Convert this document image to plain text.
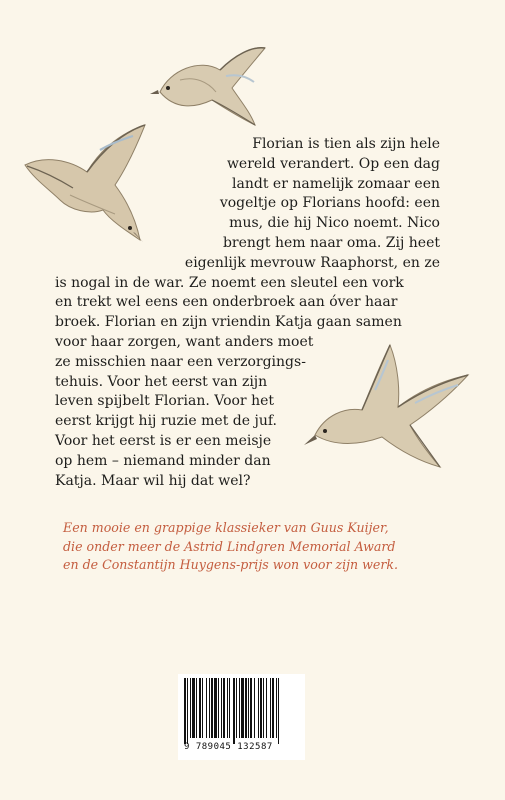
Florian is tien als zijn hele
wereld verandert. Op een dag
landt er namelijk zomaar een
vogeltje op Florians hoofd: een
mus, die hij Nico noemt. Nico
brengt hem naar oma. Zij heet
eigenlijk mevrouw Raaphorst, en ze
is nogal in de war. Ze noemt een sleutel een vork
en trekt wel eens een onderbroek aan óver haar
broek. Florian en zijn vriendin Katja gaan samen
voor haar zorgen, want anders moet
ze misschien naar een verzorgings-
tehuis. Voor het eerst van zijn
leven spijbelt Florian. Voor het
eerst krijgt hij ruzie met de juf.
Voor het eerst is er een meisje
op hem – niemand minder dan
Katja. Maar wil hij dat wel?
Een mooie en grappige klassieker van Guus Kuijer,
die onder meer de Astrid Lindgren Memorial Award
en de Constantijn Huygens-prijs won voor zijn werk.
9 789045 132587
